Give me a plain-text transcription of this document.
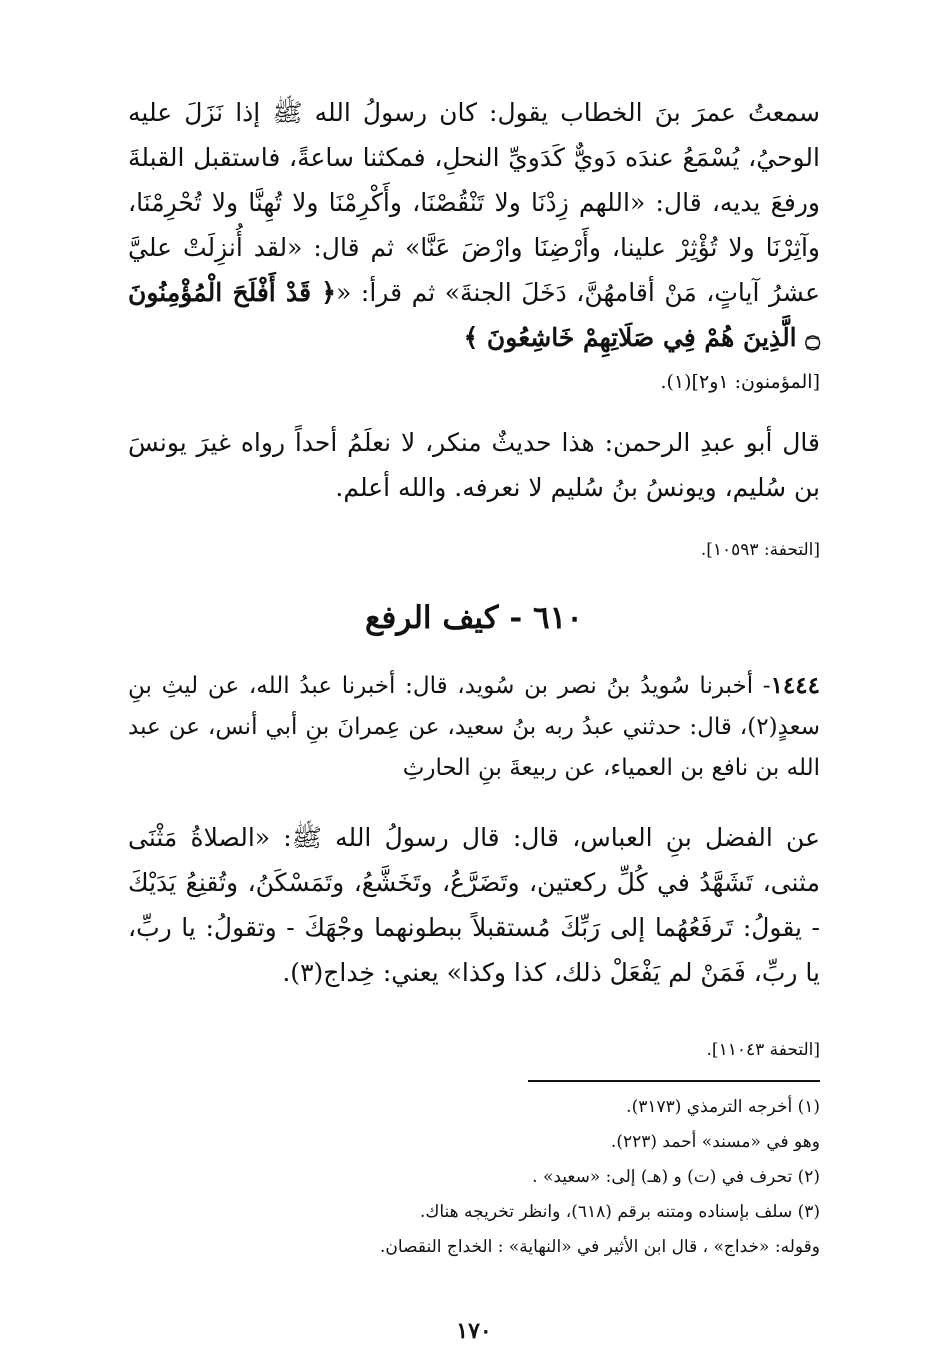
سمعتُ عمرَ بنَ الخطاب يقول: كان رسولُ الله ﷺ إذا نَزَلَ عليه الوحيُ، يُسْمَعُ عندَه دَويٌّ كَدَويِّ النحلِ، فمكثنا ساعةً، فاستقبل القبلةَ ورفعَ يديه، قال: «اللهم زِدْنَا ولا تَنْقُصْنَا، وأَكْرِمْنَا ولا تُهِنَّا ولا تُحْرِمْنَا، وآثِرْنَا ولا تُؤْثِرْ علينا، وأَرْضِنَا وارْضَ عَنَّا» ثم قال: «لقد أُنزِلَتْ عليَّ عشرُ آياتٍ، مَنْ أقامهُنَّ، دَخَلَ الجنةَ» ثم قرأ: «﴿ قَدْ أَفْلَحَ الْمُؤْمِنُونَ ۝ الَّذِينَ هُمْ فِي صَلَاتِهِمْ خَاشِعُونَ ﴾

[المؤمنون: ١و٢](١).

قال أبو عبدِ الرحمن: هذا حديثٌ منكر، لا نعلَمُ أحداً رواه غيرَ يونسَ بن سُليم، ويونسُ بنُ سُليم لا نعرفه. والله أعلم.

[التحفة: ١٠٥٩٣].

٦١٠ - كيف الرفع

١٤٤٤- أخبرنا سُويدُ بنُ نصر بن سُويد، قال: أخبرنا عبدُ الله، عن ليثِ بنِ سعدٍ(٢)، قال: حدثني عبدُ ربه بنُ سعيد، عن عِمرانَ بنِ أبي أنس، عن عبد الله بن نافع بن العمياء، عن ربيعةَ بنِ الحارثِ

عن الفضل بنِ العباس، قال: قال رسولُ الله ﷺ: «الصلاةُ مَثْنَى مثنى، تَشَهَّدُ في كُلِّ ركعتين، وتَضَرَّعُ، وتَخَشَّعُ، وتَمَسْكَنُ، وتُقنِعُ يَدَيْكَ - يقولُ: تَرفَعُهُما إلى رَبِّكَ مُستقبلاً ببطونهما وجْهَكَ - وتقولُ: يا ربِّ، يا ربِّ، فَمَنْ لم يَفْعَلْ ذلك، كذا وكذا» يعني: خِداج(٣).

[التحفة ١١٠٤٣].

(١) أخرجه الترمذي (٣١٧٣).

وهو في «مسند» أحمد (٢٢٣).

(٢) تحرف في (ت) و (هـ) إلى: «سعيد» .

(٣) سلف بإسناده ومتنه برقم (٦١٨)، وانظر تخريجه هناك.

وقوله: «خداج» ، قال ابن الأثير في «النهاية» : الخداج النقصان.

١٧٠
